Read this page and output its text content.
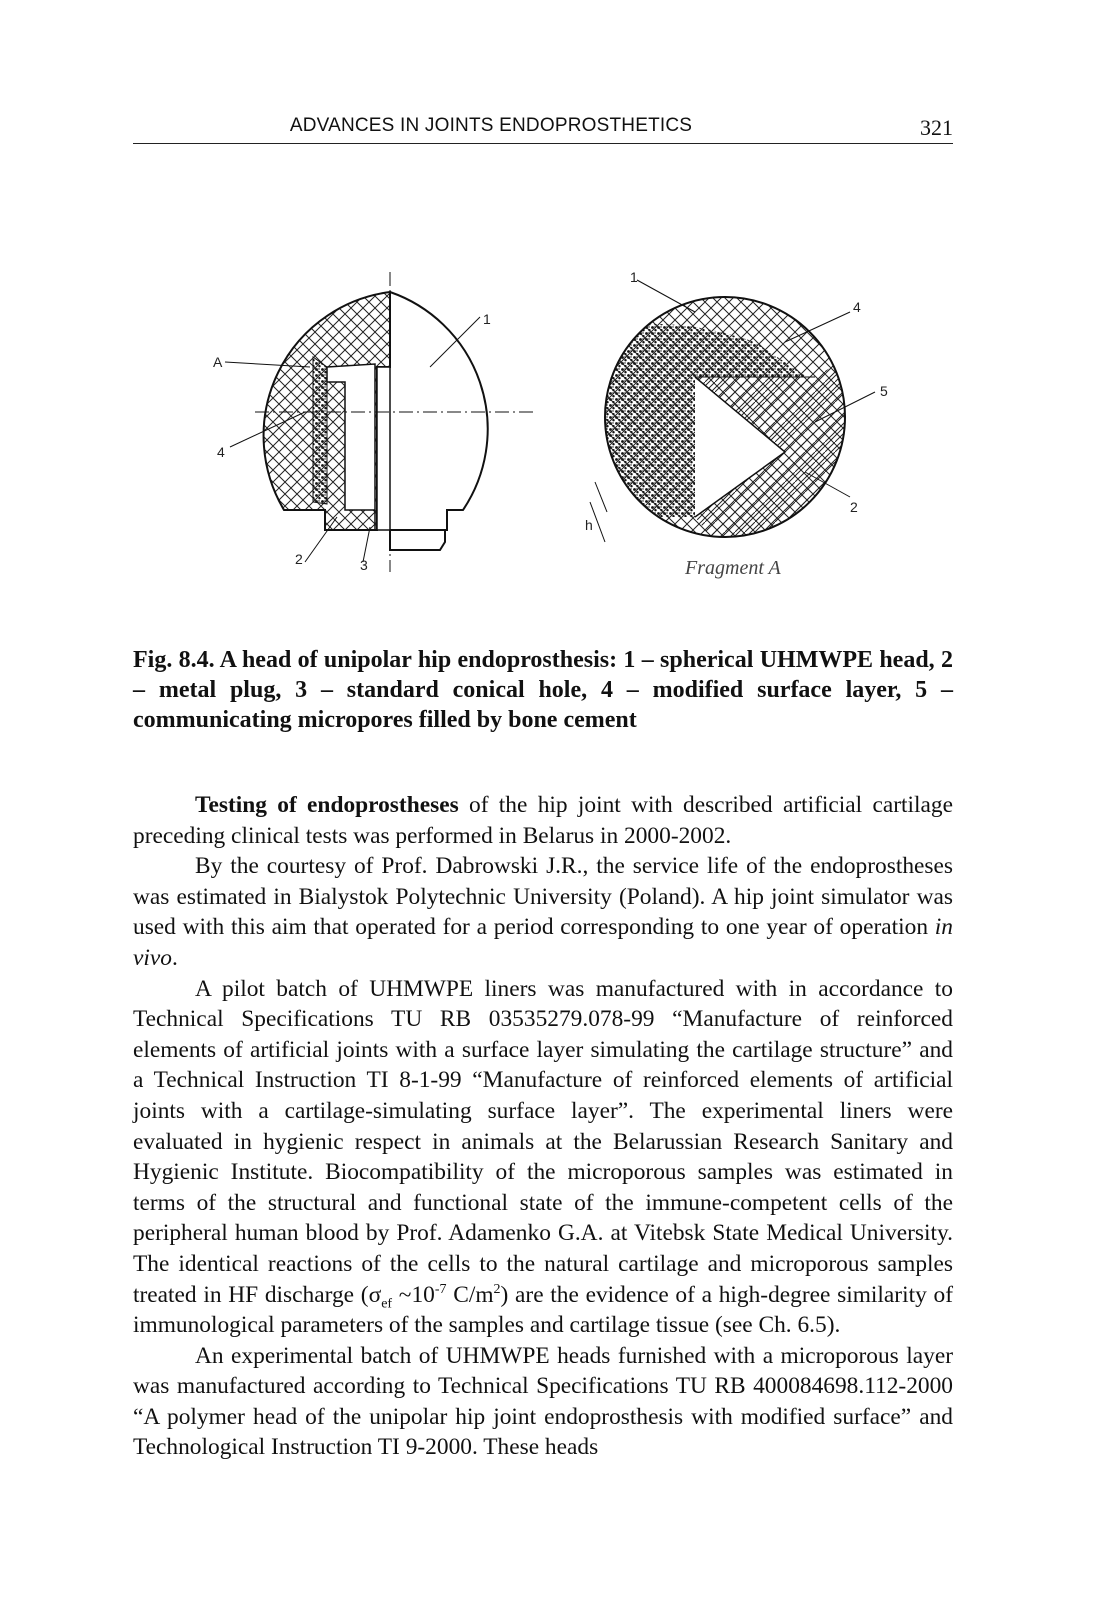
ADVANCES IN JOINTS ENDOPROSTHETICS	321
1
A
4
2	3
1
4
5
2
h
Fragment A
Fig. 8.4. A head of unipolar hip endoprosthesis: 1 – spherical UHMWPE head, 2 – metal plug, 3 – standard conical hole, 4 – modified surface layer, 5 – communicating micropores filled by bone cement

Testing of endoprostheses of the hip joint with described artificial cartilage preceding clinical tests was performed in Belarus in 2000-2002.

By the courtesy of Prof. Dabrowski J.R., the service life of the endoprostheses was estimated in Bialystok Polytechnic University (Poland). A hip joint simulator was used with this aim that operated for a period corresponding to one year of operation in vivo.

A pilot batch of UHMWPE liners was manufactured with in accordance to Technical Specifications TU RB 03535279.078-99 “Manufacture of reinforced elements of artificial joints with a surface layer simulating the cartilage structure” and a Technical Instruction TI 8-1-99 “Manufacture of reinforced elements of artificial joints with a cartilage-simulating surface layer”. The experimental liners were evaluated in hygienic respect in animals at the Belarussian Research Sanitary and Hygienic Institute. Biocompatibility of the microporous samples was estimated in terms of the structural and functional state of the immune-competent cells of the peripheral human blood by Prof. Adamenko G.A. at Vitebsk State Medical University. The identical reactions of the cells to the natural cartilage and microporous samples treated in HF discharge ($\sigma_{ef}$ $\sim 10^{-7}$ $C/m^2$) are the evidence of a high-degree similarity of immunological parameters of the samples and cartilage tissue (see Ch. 6.5).

An experimental batch of UHMWPE heads furnished with a microporous layer was manufactured according to Technical Specifications TU RB 400084698.112-2000 “A polymer head of the unipolar hip joint endoprosthesis with modified surface” and Technological Instruction TI 9-2000. These heads
